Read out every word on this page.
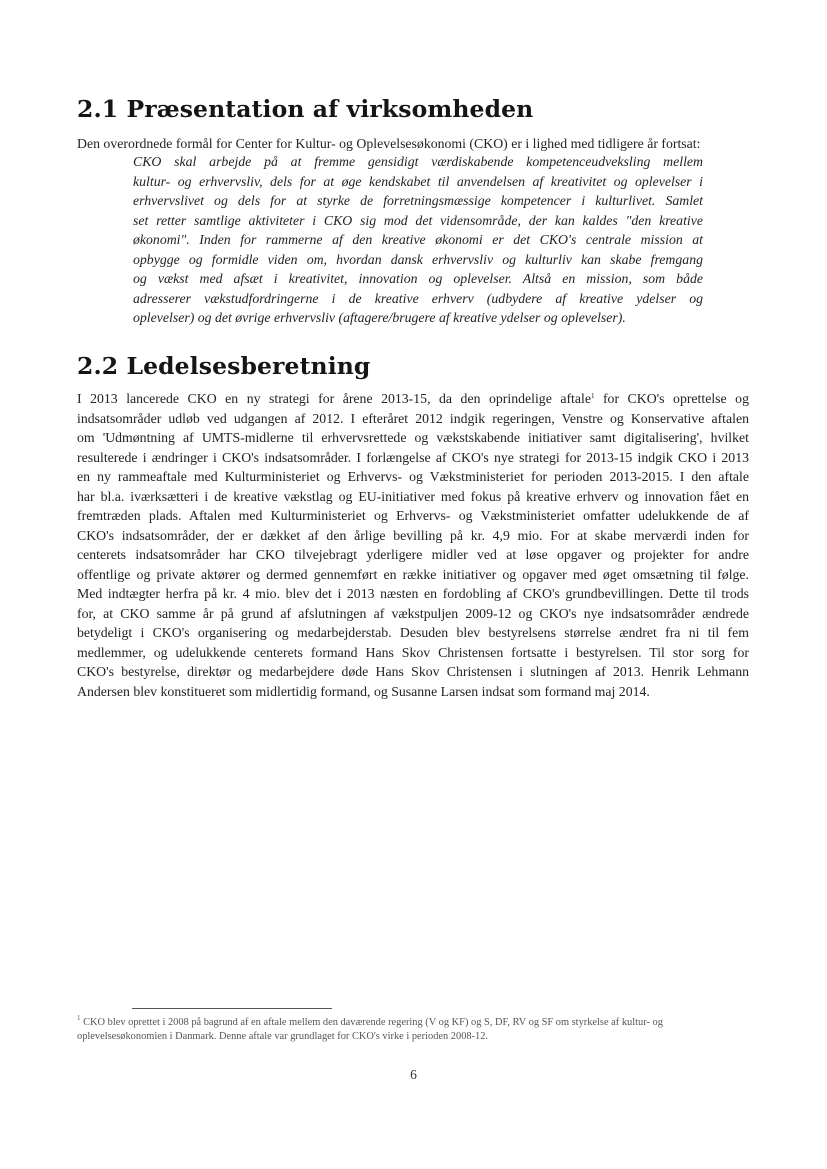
2.1 Præsentation af virksomheden

Den overordnede formål for Center for Kultur- og Oplevelsesøkonomi (CKO) er i lighed med tidligere år fortsat:

CKO skal arbejde på at fremme gensidigt værdiskabende kompetenceudveksling mellem
kultur- og erhvervsliv, dels for at øge kendskabet til anvendelsen af kreativitet og oplevelser i
erhvervslivet og dels for at styrke de forretningsmæssige kompetencer i kulturlivet. Samlet
set retter samtlige aktiviteter i CKO sig mod det vidensområde, der kan kaldes "den kreative
økonomi". Inden for rammerne af den kreative økonomi er det CKO's centrale mission at
opbygge og formidle viden om, hvordan dansk erhvervsliv og kulturliv kan skabe fremgang
og vækst med afsæt i kreativitet, innovation og oplevelser. Altså en mission, som både
adresserer vækstudfordringerne i de kreative erhverv (udbydere af kreative ydelser og
oplevelser) og det øvrige erhvervsliv (aftagere/brugere af kreative ydelser og oplevelser).
2.2 Ledelsesberetning
I 2013 lancerede CKO en ny strategi for årene 2013-15, da den oprindelige aftale$^1$ for CKO's oprettelse og
indsatsområder udløb ved udgangen af 2012. I efteråret 2012 indgik regeringen, Venstre og Konservative aftalen
om 'Udmøntning af UMTS-midlerne til erhvervsrettede og vækstskabende initiativer samt digitalisering', hvilket
resulterede i ændringer i CKO's indsatsområder. I forlængelse af CKO's nye strategi for 2013-15 indgik CKO i 2013
en ny rammeaftale med Kulturministeriet og Erhvervs- og Vækstministeriet for perioden 2013-2015. I den aftale
har bl.a. iværksætteri i de kreative vækstlag og EU-initiativer med fokus på kreative erhverv og innovation fået en
fremtræden plads. Aftalen med Kulturministeriet og Erhvervs- og Vækstministeriet omfatter udelukkende de af
CKO's indsatsområder, der er dækket af den årlige bevilling på kr. 4,9 mio. For at skabe merværdi inden for
centerets indsatsområder har CKO tilvejebragt yderligere midler ved at løse opgaver og projekter for andre
offentlige og private aktører og dermed gennemført en række initiativer og opgaver med øget omsætning til følge.
Med indtægter herfra på kr. 4 mio. blev det i 2013 næsten en fordobling af CKO's grundbevillingen. Dette til trods
for, at CKO samme år på grund af afslutningen af vækstpuljen 2009-12 og CKO's nye indsatsområder ændrede
betydeligt i CKO's organisering og medarbejderstab. Desuden blev bestyrelsens størrelse ændret fra ni til fem
medlemmer, og udelukkende centerets formand Hans Skov Christensen fortsatte i bestyrelsen. Til stor sorg for
CKO's bestyrelse, direktør og medarbejdere døde Hans Skov Christensen i slutningen af 2013. Henrik Lehmann
Andersen blev konstitueret som midlertidig formand, og Susanne Larsen indsat som formand maj 2014.
$^1$ CKO blev oprettet i 2008 på bagrund af en aftale mellem den daværende regering (V og KF) og S, DF, RV og SF om styrkelse af kultur- og
oplevelsesøkonomien i Danmark. Denne aftale var grundlaget for CKO's virke i perioden 2008-12.
6
